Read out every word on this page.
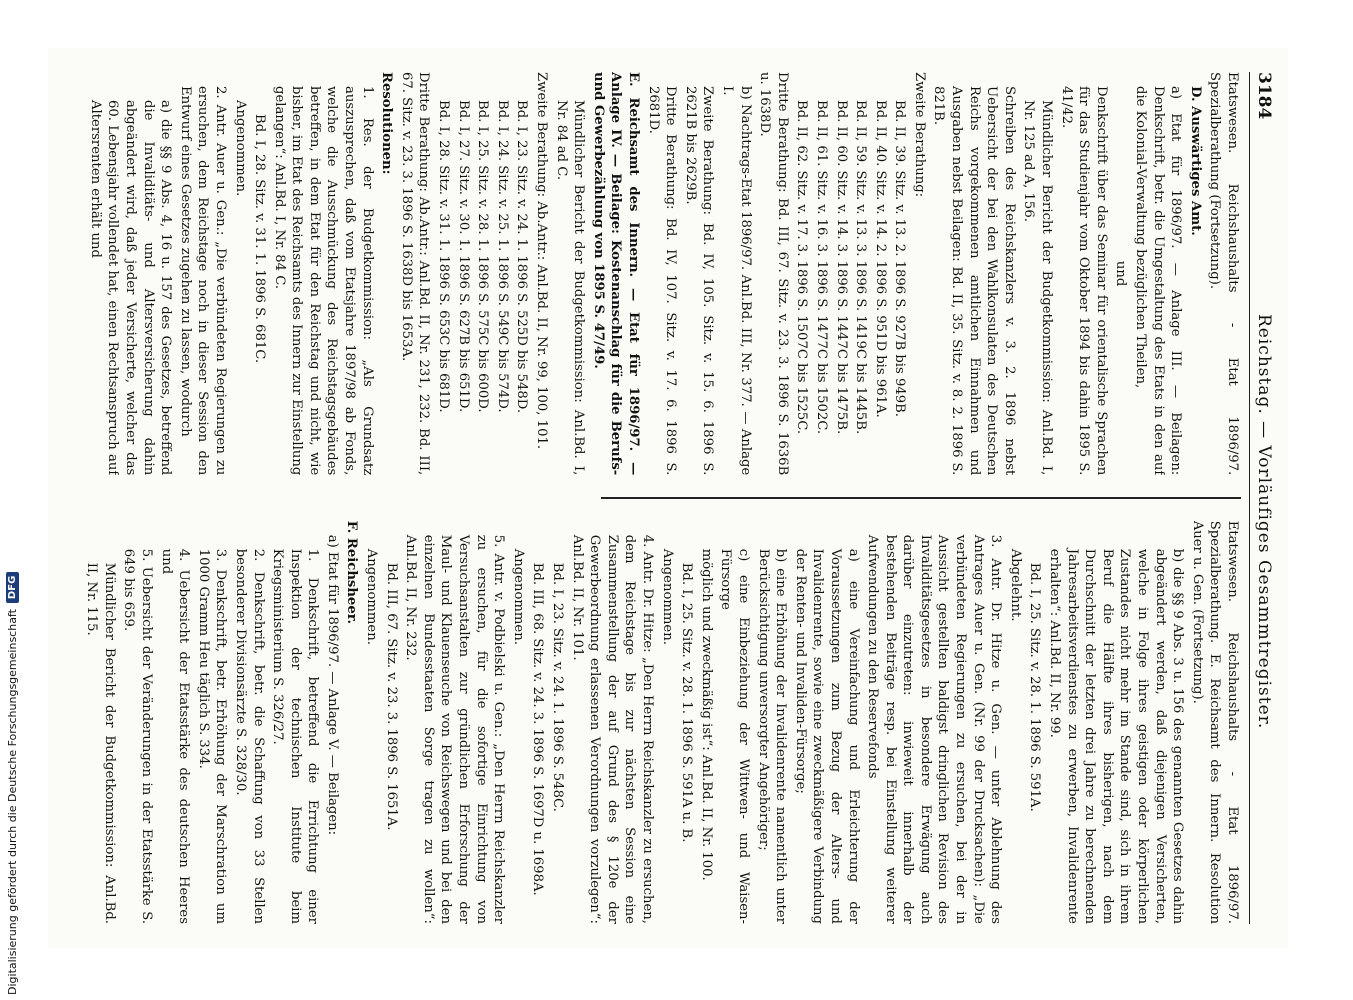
3184
Reichstag. — Vorläufiges Gesammtregister.

Etatswesen. Reichshaushalts - Etat 1896/97. Spezialberathung (Fortsetzung).

D. Auswärtiges Amt.

a) Etat für 1896/97. — Anlage III. — Beilagen: Denkschrift, betr. die Umgestaltung des Etats in den auf die Kolonial-Verwaltung bezüglichen Theilen,

und

Denkschrift über das Seminar für orientalische Sprachen für das Studienjahr vom Oktober 1894 bis dahin 1895 S. 41/42.

Mündlicher Bericht der Budgetkommission: Anl.Bd. I, Nr. 125 ad A, 156.

Schreiben des Reichskanzlers v. 3. 2. 1896 nebst Uebersicht der bei den Wahlkonsulaten des Deutschen Reichs vorgekommenen amtlichen Einnahmen und Ausgaben nebst Beilagen: Bd. II, 35. Sitz. v. 8. 2. 1896 S. 821B.

Zweite Berathung:

Bd. II, 39. Sitz. v. 13. 2. 1896 S. 927B bis 949B.

Bd. II, 40. Sitz. v. 14. 2. 1896 S. 951D bis 961A.

Bd. II, 59. Sitz. v. 13. 3. 1896 S. 1419C bis 1445B.

Bd. II, 60. Sitz. v. 14. 3. 1896 S. 1447C bis 1475B.

Bd. II, 61. Sitz. v. 16. 3. 1896 S. 1477C bis 1502C.

Bd. II, 62. Sitz. v. 17. 3. 1896 S. 1507C bis 1525C.

Dritte Berathung: Bd. III, 67. Sitz. v. 23. 3. 1896 S. 1636B u. 1638D.

b) Nachtrags-Etat 1896/97. Anl.Bd. III, Nr. 377. — Anlage I.

Zweite Berathung: Bd. IV, 105. Sitz. v. 15. 6. 1896 S. 2621B bis 2629B.

Dritte Berathung: Bd. IV, 107. Sitz. v. 17. 6. 1896 S. 2681D.

E. Reichsamt des Innern. — Etat für 1896/97. — Anlage IV. — Beilage: Kostenanschlag für die Berufs- und Gewerbezählung von 1895 S. 47/49.

Mündlicher Bericht der Budgetkommission: Anl.Bd. I, Nr. 84 ad C.

Zweite Berathung: Ab.Antr.: Anl.Bd. II, Nr. 99, 100, 101.

Bd. I, 23. Sitz. v. 24. 1. 1896 S. 525D bis 548D.

Bd. I, 24. Sitz. v. 25. 1. 1896 S. 549C bis 574D.

Bd. I, 25. Sitz. v. 28. 1. 1896 S. 575C bis 600D.

Bd. I, 27. Sitz. v. 30. 1. 1896 S. 627B bis 651D.

Bd. I, 28. Sitz. v. 31. 1. 1896 S. 653C bis 681D.

Dritte Berathung: Ab.Antr.: Anl.Bd. II, Nr. 231, 232. Bd. III, 67. Sitz. v. 23. 3. 1896 S. 1638D bis 1653A.

Resolutionen:

1. Res. der Budgetkommission: „Als Grundsatz auszusprechen, daß vom Etatsjahre 1897/98 ab Fonds, welche die Ausschmückung des Reichstagsgebäudes betreffen, in dem Etat für den Reichstag und nicht, wie bisher, im Etat des Reichsamts des Innern zur Einstellung gelangen“: Anl.Bd. I, Nr. 84 C.

Bd. I, 28. Sitz. v. 31. 1. 1896 S. 681C.

Angenommen.

2. Antr. Auer u. Gen.: „Die verbündeten Regierungen zu ersuchen, dem Reichstage noch in dieser Session den Entwurf eines Gesetzes zugehen zu lassen, wodurch

a) die §§ 9 Abs. 4, 16 u. 157 des Gesetzes, betreffend die Invaliditäts- und Altersversicherung dahin abgeändert wird, daß jeder Versicherte, welcher das 60. Lebensjahr vollendet hat, einen Rechtsanspruch auf Altersrenten erhält und

Etatswesen. Reichshaushalts - Etat 1896/97. Spezialberathung. E. Reichsamt des Innern. Resolution Auer u. Gen. (Fortsetzung).

b) die §§ 9 Abs. 3 u. 156 des genannten Gesetzes dahin abgeändert werden, daß diejenigen Versicherten, welche in Folge ihres geistigen oder körperlichen Zustandes nicht mehr im Stande sind, sich in ihrem Beruf die Hälfte ihres bisherigen, nach dem Durchschnitt der letzten drei Jahre zu berechnenden Jahresarbeitsverdienstes zu erwerben, Invalidenrente erhalten“: Anl.Bd. II, Nr. 99.

Bd. I, 25. Sitz. v. 28. 1. 1896 S. 591A.

Abgelehnt.

3. Antr. Dr. Hitze u. Gen. — unter Ablehnung des Antrages Auer u. Gen. (Nr. 99 der Drucksachen): „Die verbündeten Regierungen zu ersuchen, bei der in Aussicht gestellten baldigst dringlichen Revision des Invaliditätsgesetzes in besondere Erwägung auch darüber einzutreten: inwieweit innerhalb der bestehenden Beiträge resp. bei Einstellung weiterer Aufwendungen zu den Reservefonds

a) eine Vereinfachung und Erleichterung der Voraussetzungen zum Bezug der Alters- und Invalidenrente, sowie eine zweckmäßigere Verbindung der Renten- und Invaliden-Fürsorge;

b) eine Erhöhung der Invalidenrente namentlich unter Berücksichtigung unversorgter Angehöriger;

c) eine Einbeziehung der Wittwen- und Waisen-Fürsorge

möglich und zweckmäßig ist“: Anl.Bd. II, Nr. 100.

Bd. I, 25. Sitz. v. 28. 1. 1896 S. 591A u. B.

Angenommen.

4. Antr. Dr. Hitze: „Den Herrn Reichskanzler zu ersuchen, dem Reichstage bis zur nächsten Session eine Zusammenstellung der auf Grund des § 120e der Gewerbeordnung erlassenen Verordnungen vorzulegen“: Anl.Bd. II, Nr. 101.

Bd. I, 23. Sitz. v. 24. 1. 1896 S. 548C.

Bd. III, 68. Sitz. v. 24. 3. 1896 S. 1697D u. 1698A.

Angenommen.

5. Antr. v. Podbielski u. Gen.: „Den Herrn Reichskanzler zu ersuchen, für die sofortige Einrichtung von Versuchsanstalten zur gründlichen Erforschung der Maul- und Klauenseuche von Reichswegen und bei den einzelnen Bundesstaaten Sorge tragen zu wollen“: Anl.Bd. II, Nr. 232.

Bd. III, 67. Sitz. v. 23. 3. 1896 S. 1651A.

Angenommen.

F. Reichsheer.

a) Etat für 1896/97. — Anlage V. — Beilagen:

1. Denkschrift, betreffend die Errichtung einer Inspektion der technischen Institute beim Kriegsministerium S. 326/27.

2. Denkschrift, betr. die Schaffung von 33 Stellen besonderer Divisionsärzte S. 328/30.

3. Denkschrift, betr. Erhöhung der Marschration um 1000 Gramm Heu täglich S. 334.

4. Uebersicht der Etatsstärke des deutschen Heeres und

5. Uebersicht der Veränderungen in der Etatsstärke S. 649 bis 659.

Mündlicher Bericht der Budgetkommission: Anl.Bd. II, Nr. 115.

Digitalisierung gefördert durch die Deutsche Forschungsgemeinschaft
DFG
